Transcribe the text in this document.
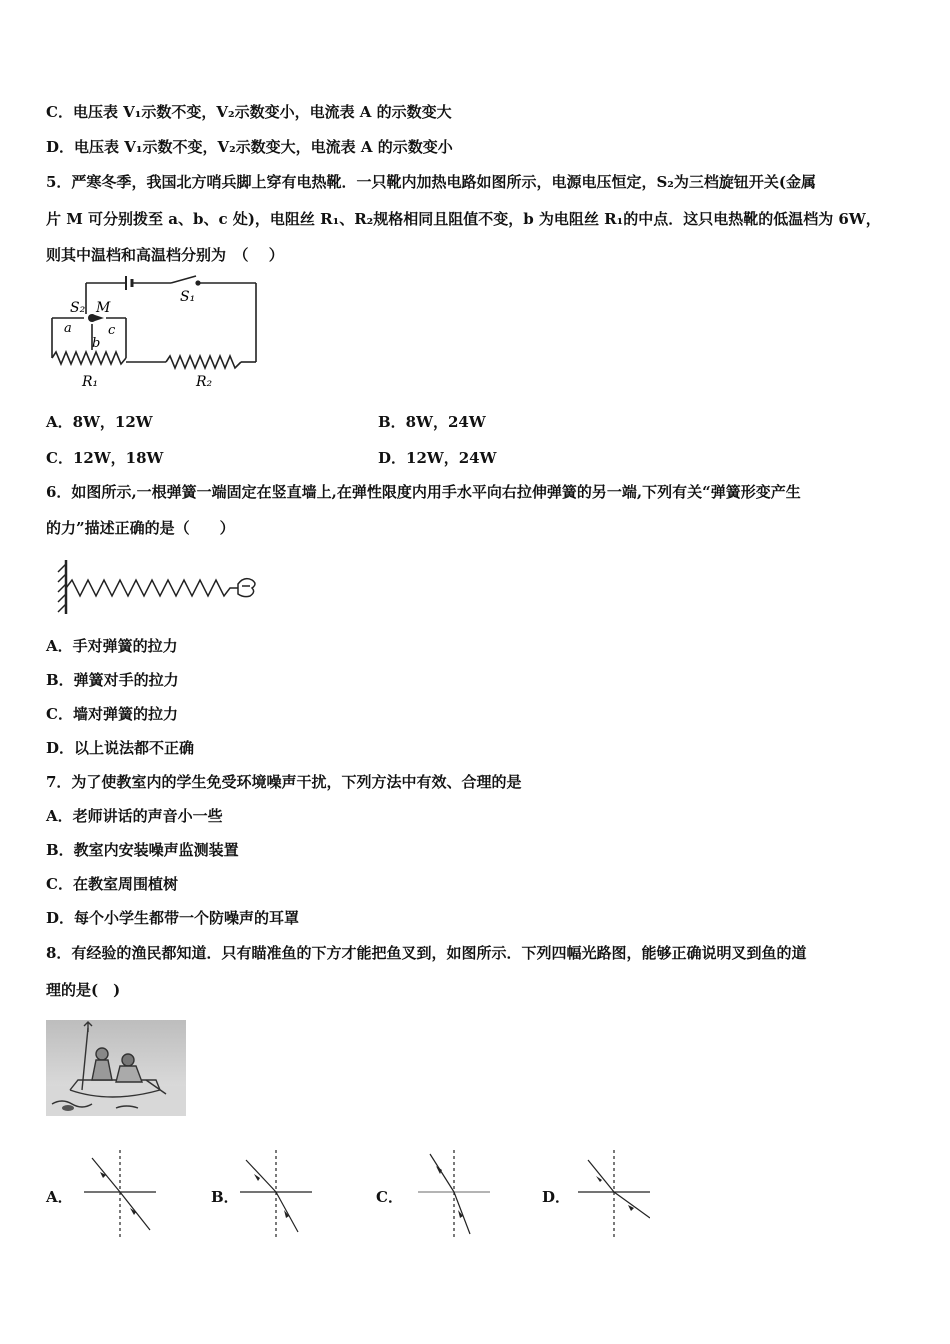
C．电压表 V₁示数不变，V₂示数变小，电流表 A 的示数变大
D．电压表 V₁示数不变，V₂示数变大，电流表 A 的示数变小
5．严寒冬季，我国北方哨兵脚上穿有电热靴．一只靴内加热电路如图所示，电源电压恒定，S₂为三档旋钮开关(金属
片 M 可分别拨至 a、b、c 处)，电阻丝 R₁、R₂规格相同且阻值不变，b 为电阻丝 R₁的中点．这只电热靴的低温档为 6W，
则其中温档和高温档分别为　（　 ）
S₂ M
S₁
a
b
c
R₁	R₂
A．8W，12W	B．8W，24W
C．12W，18W	D．12W，24W
6．如图所示,一根弹簧一端固定在竖直墙上,在弹性限度内用手水平向右拉伸弹簧的另一端,下列有关“弹簧形变产生
的力”描述正确的是（　　）
A．手对弹簧的拉力
B．弹簧对手的拉力
C．墙对弹簧的拉力
D．以上说法都不正确
7．为了使教室内的学生免受环境噪声干扰，下列方法中有效、合理的是
A．老师讲话的声音小一些
B．教室内安装噪声监测装置
C．在教室周围植树
D．每个小学生都带一个防噪声的耳罩
8．有经验的渔民都知道．只有瞄准鱼的下方才能把鱼叉到，如图所示．下列四幅光路图，能够正确说明叉到鱼的道
理的是(　)
A．	B．	C．	D．
